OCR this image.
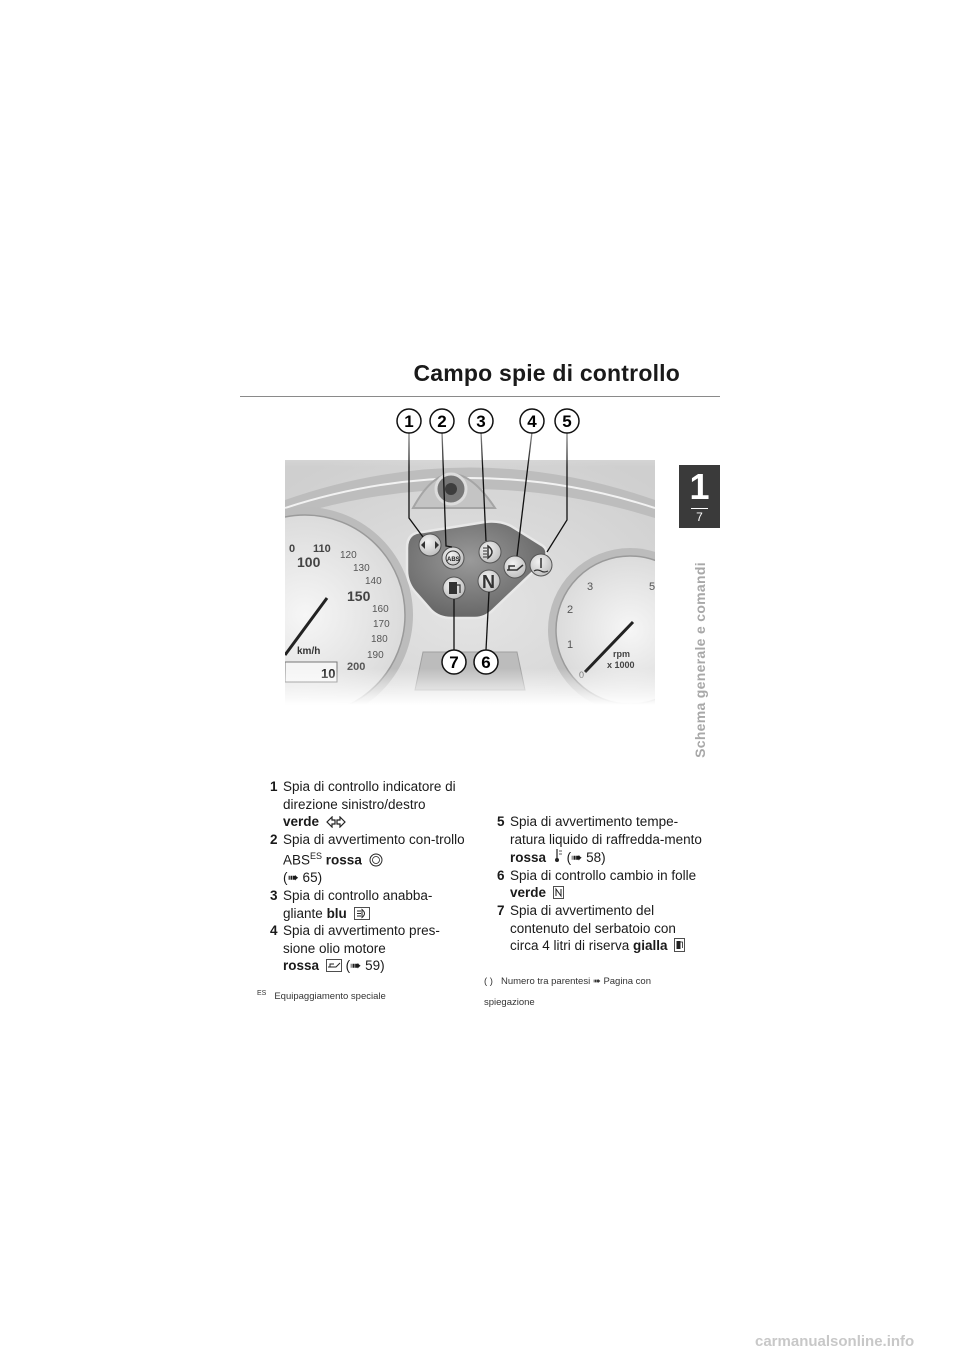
Campo spie di controllo
1
7
Schema generale e comandi
1 2 3 4 5
7 6
1 Spia di controllo indicatore di direzione sinistro/destro
verde
2 Spia di avvertimento con-trollo $ABS^{ES}$ rossa
(➠ 65)
3 Spia di controllo anabba-gliante blu
4 Spia di avvertimento pres-sione olio motore
rossa (➠ 59)
5 Spia di avvertimento tempe-ratura liquido di raffredda-mento rossa (➠ 58)
6 Spia di controllo cambio in folle verde
7 Spia di avvertimento del contenuto del serbatoio con circa 4 litri di riserva gialla
$^{ES}$ Equipaggiamento speciale
( ) Numero tra parentesi ➠ Pagina con spiegazione
carmanualsonline.info
